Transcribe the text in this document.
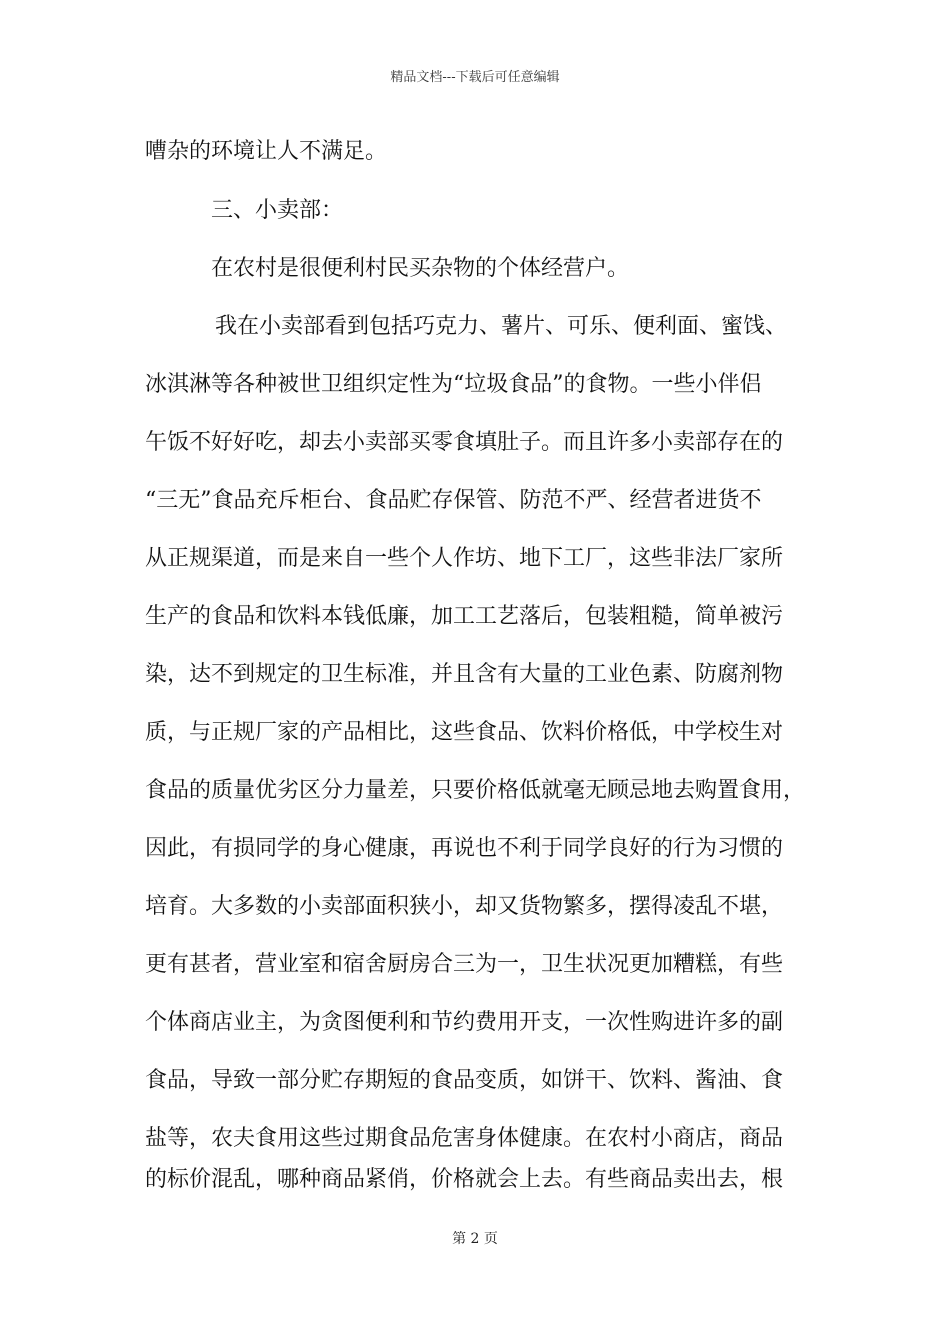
精品文档---下载后可任意编辑
嘈杂的环境让人不满足。
三、小卖部：
在农村是很便利村民买杂物的个体经营户。
我在小卖部看到包括巧克力、薯片、可乐、便利面、蜜饯、
冰淇淋等各种被世卫组织定性为“垃圾食品”的食物。一些小伴侣
午饭不好好吃，却去小卖部买零食填肚子。而且许多小卖部存在的
“三无”食品充斥柜台、食品贮存保管、防范不严、经营者进货不
从正规渠道，而是来自一些个人作坊、地下工厂，这些非法厂家所
生产的食品和饮料本钱低廉，加工工艺落后，包装粗糙，简单被污
染，达不到规定的卫生标准，并且含有大量的工业色素、防腐剂物
质，与正规厂家的产品相比，这些食品、饮料价格低，中学校生对
食品的质量优劣区分力量差，只要价格低就毫无顾忌地去购置食用，
因此，有损同学的身心健康，再说也不利于同学良好的行为习惯的
培育。大多数的小卖部面积狭小，却又货物繁多，摆得凌乱不堪，
更有甚者，营业室和宿舍厨房合三为一，卫生状况更加糟糕，有些
个体商店业主，为贪图便利和节约费用开支，一次性购进许多的副
食品，导致一部分贮存期短的食品变质，如饼干、饮料、酱油、食
盐等，农夫食用这些过期食品危害身体健康。在农村小商店，商品
的标价混乱，哪种商品紧俏，价格就会上去。有些商品卖出去，根
第 2 页
